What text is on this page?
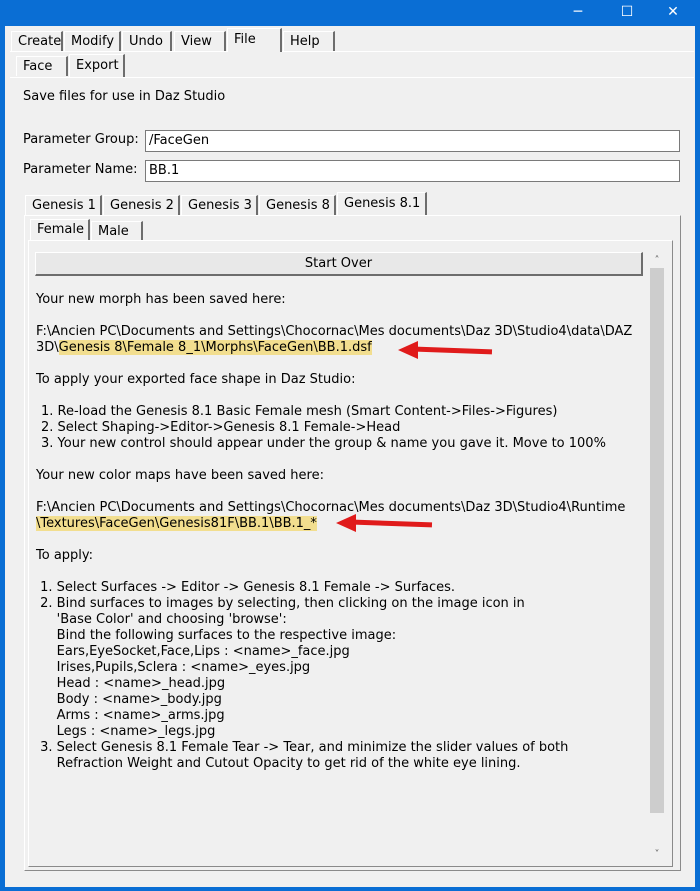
─	☐	✕
Create Modify	Undo	View	File	Help
Face	Export
Save files for use in Daz Studio
Parameter Group: /FaceGen
Parameter Name: BB.1
Genesis 1	Genesis 2	Genesis 3	Genesis 8	Genesis 8.1
Female	Male
Start Over
Your new morph has been saved here:
F:\Ancien PC\Documents and Settings\Chocornac\Mes documents\Daz 3D\Studio4\data\DAZ
3D\Genesis 8\Female 8_1\Morphs\FaceGen\BB.1.dsf
To apply your exported face shape in Daz Studio:
1. Re-load the Genesis 8.1 Basic Female mesh (Smart Content->Files->Figures)
2. Select Shaping->Editor->Genesis 8.1 Female->Head
3. Your new control should appear under the group & name you gave it. Move to 100%
Your new color maps have been saved here:
F:\Ancien PC\Documents and Settings\Chocornac\Mes documents\Daz 3D\Studio4\Runtime
\Textures\FaceGen\Genesis81F\BB.1\BB.1_*
To apply:
1. Select Surfaces -> Editor -> Genesis 8.1 Female -> Surfaces.
2. Bind surfaces to images by selecting, then clicking on the image icon in
'Base Color' and choosing 'browse':
Bind the following surfaces to the respective image:
Ears,EyeSocket,Face,Lips : <name>_face.jpg
Irises,Pupils,Sclera : <name>_eyes.jpg
Head : <name>_head.jpg
Body : <name>_body.jpg
Arms : <name>_arms.jpg
Legs : <name>_legs.jpg
3. Select Genesis 8.1 Female Tear -> Tear, and minimize the slider values of both
Refraction Weight and Cutout Opacity to get rid of the white eye lining.
˄
˅
